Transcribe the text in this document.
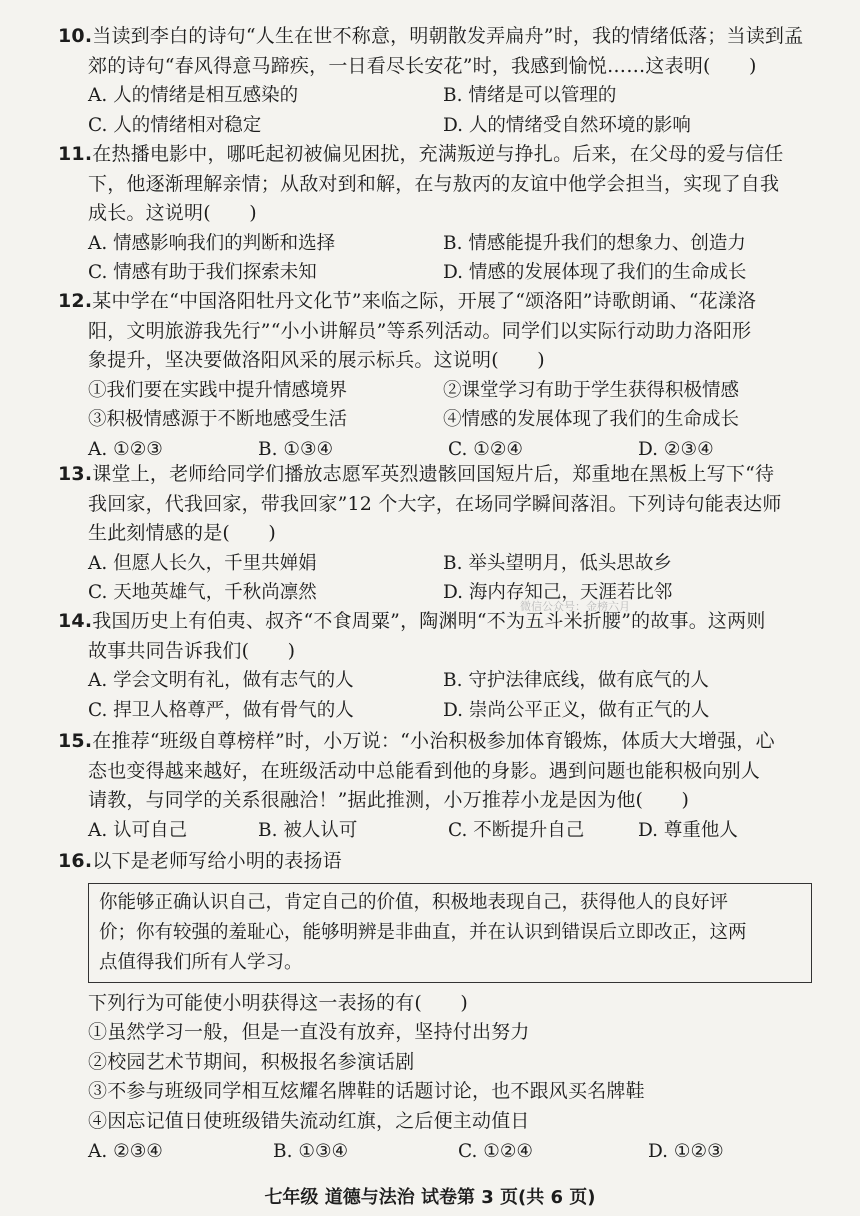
10.当读到李白的诗句“人生在世不称意，明朝散发弄扁舟”时，我的情绪低落；当读到孟
郊的诗句“春风得意马蹄疾，一日看尽长安花”时，我感到愉悦……这表明(　　)
A. 人的情绪是相互感染的	B. 情绪是可以管理的
C. 人的情绪相对稳定	D. 人的情绪受自然环境的影响
11.在热播电影中，哪吒起初被偏见困扰，充满叛逆与挣扎。后来，在父母的爱与信任
下，他逐渐理解亲情；从敌对到和解，在与敖丙的友谊中他学会担当，实现了自我
成长。这说明(　　)
A. 情感影响我们的判断和选择	B. 情感能提升我们的想象力、创造力
C. 情感有助于我们探索未知	D. 情感的发展体现了我们的生命成长
12.某中学在“中国洛阳牡丹文化节”来临之际，开展了“颂洛阳”诗歌朗诵、“花漾洛
阳，文明旅游我先行”“小小讲解员”等系列活动。同学们以实际行动助力洛阳形
象提升，坚决要做洛阳风采的展示标兵。这说明(　　)
①我们要在实践中提升情感境界	②课堂学习有助于学生获得积极情感
③积极情感源于不断地感受生活	④情感的发展体现了我们的生命成长
A. ①②③	B. ①③④	C. ①②④	D. ②③④
13.课堂上，老师给同学们播放志愿军英烈遗骸回国短片后，郑重地在黑板上写下“待
我回家，代我回家，带我回家”12 个大字，在场同学瞬间落泪。下列诗句能表达师
生此刻情感的是(　　)
A. 但愿人长久，千里共婵娟	B. 举头望明月，低头思故乡
C. 天地英雄气，千秋尚凛然	D. 海内存知己，天涯若比邻
微信公众号：金榜六月
14.我国历史上有伯夷、叔齐“不食周粟”，陶渊明“不为五斗米折腰”的故事。这两则
故事共同告诉我们(　　)
A. 学会文明有礼，做有志气的人	B. 守护法律底线，做有底气的人
C. 捍卫人格尊严，做有骨气的人	D. 崇尚公平正义，做有正气的人
15.在推荐“班级自尊榜样”时，小万说：“小治积极参加体育锻炼，体质大大增强，心
态也变得越来越好，在班级活动中总能看到他的身影。遇到问题也能积极向别人
请教，与同学的关系很融洽！”据此推测，小万推荐小龙是因为他(　　)
A. 认可自己	B. 被人认可	C. 不断提升自己	D. 尊重他人
16.以下是老师写给小明的表扬语
你能够正确认识自己，肯定自己的价值，积极地表现自己，获得他人的良好评
价；你有较强的羞耻心，能够明辨是非曲直，并在认识到错误后立即改正，这两
点值得我们所有人学习。
下列行为可能使小明获得这一表扬的有(　　)
①虽然学习一般，但是一直没有放弃，坚持付出努力
②校园艺术节期间，积极报名参演话剧
③不参与班级同学相互炫耀名牌鞋的话题讨论，也不跟风买名牌鞋
④因忘记值日使班级错失流动红旗，之后便主动值日
A. ②③④	B. ①③④	C. ①②④	D. ①②③
七年级 道德与法治 试卷第 3 页(共 6 页)
